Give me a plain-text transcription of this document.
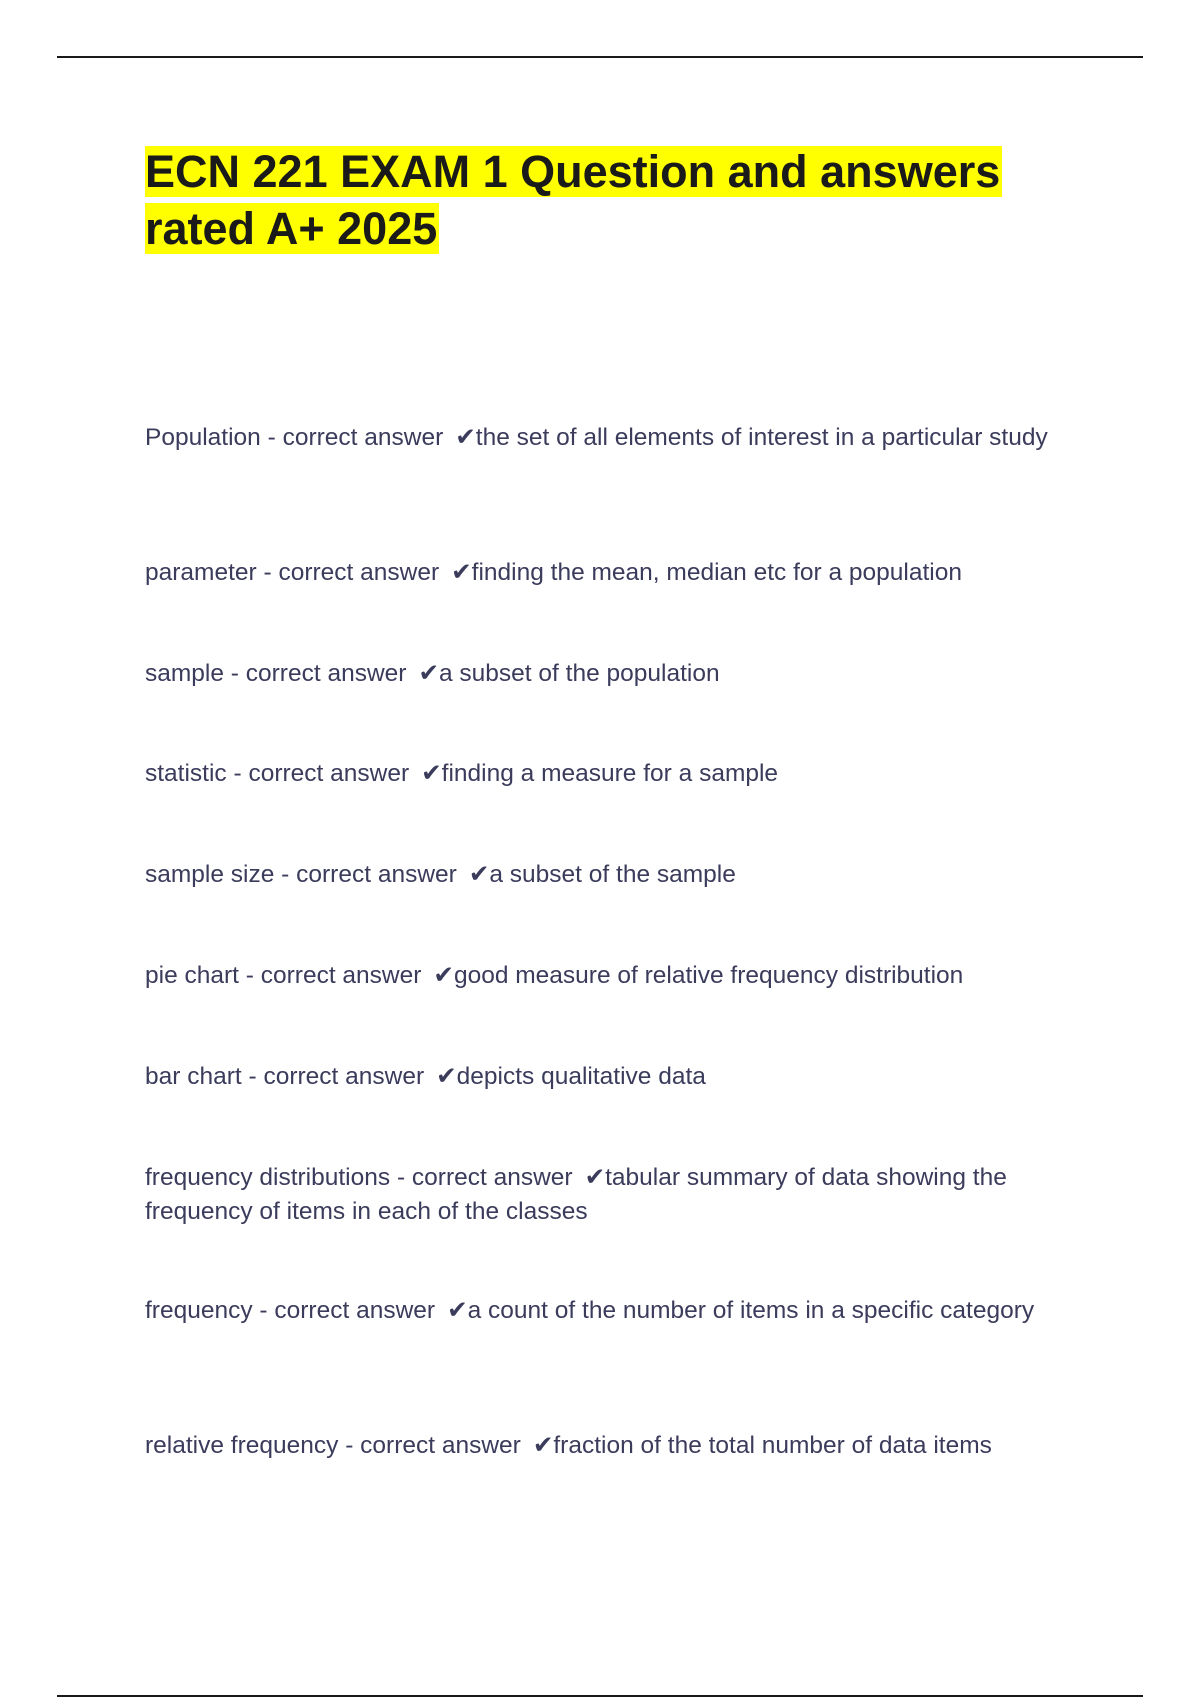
ECN 221 EXAM 1 Question and answers rated A+ 2025
Population - correct answer ✔the set of all elements of interest in a particular study
parameter - correct answer ✔finding the mean, median etc for a population
sample - correct answer ✔a subset of the population
statistic - correct answer ✔finding a measure for a sample
sample size - correct answer ✔a subset of the sample
pie chart - correct answer ✔good measure of relative frequency distribution
bar chart - correct answer ✔depicts qualitative data
frequency distributions - correct answer ✔tabular summary of data showing the frequency of items in each of the classes
frequency - correct answer ✔a count of the number of items in a specific category
relative frequency - correct answer ✔fraction of the total number of data items
